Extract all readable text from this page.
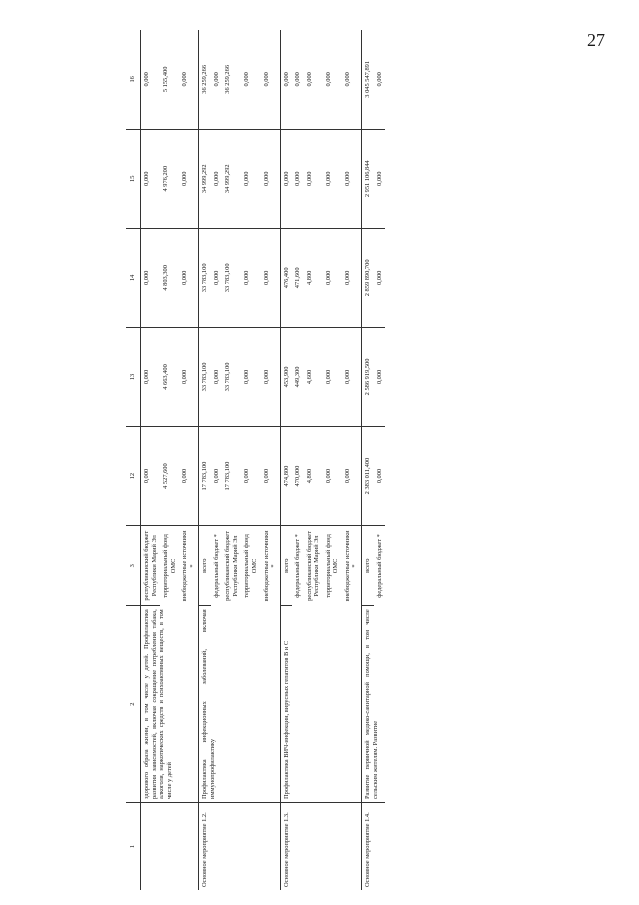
27
1	2	3	12	13	14	15	16
	здорового образа жизни, в том числе у детей. Профилактика развития зависимостей, включая сокращение потребления табака, алкоголя, наркотических средств и психоактивных веществ, в том числе у детей	республиканский бюджет Республики Марий Эл	0,000	0,000	0,000	0,000	0,000
		территориальный фонд ОМС	4 527,600	4 663,400	4 803,300	4 976,200	5 155,400
		внебюджетные источники *	0,000	0,000	0,000	0,000	0,000
Основное мероприятие 1.2.	Профилактика инфекционных заболеваний, включая иммунопрофилактику	всего	17 783,100	33 783,100	33 783,100	34 999,292	36 259,266
		федеральный бюджет *	0,000	0,000	0,000	0,000	0,000
		республиканский бюджет Республики Марий Эл	17 783,100	33 783,100	33 783,100	34 999,292	36 259,266
		территориальный фонд ОМС	0,000	0,000	0,000	0,000	0,000
		внебюджетные источники *	0,000	0,000	0,000	0,000	0,000
Основное мероприятие 1.3.	Профилактика ВИЧ-инфекции, вирусных гепатитов В и С	всего	474,800	453,900	476,400	0,000	0,000
		федеральный бюджет *	470,000	449,300	471,600	0,000	0,000
		республиканский бюджет Республики Марий Эл	4,800	4,600	4,800	0,000	0,000
		территориальный фонд ОМС	0,000	0,000	0,000	0,000	0,000
		внебюджетные источники *	0,000	0,000	0,000	0,000	0,000
Основное мероприятие 1.4.	Развитие первичной медико-санитарной помощи, в том числе сельским жителям. Развитие	всего	2 383 011,400	2 586 919,500	2 859 890,700	2 951 106,844	3 045 547,891
		федеральный бюджет *	0,000	0,000	0,000	0,000	0,000
